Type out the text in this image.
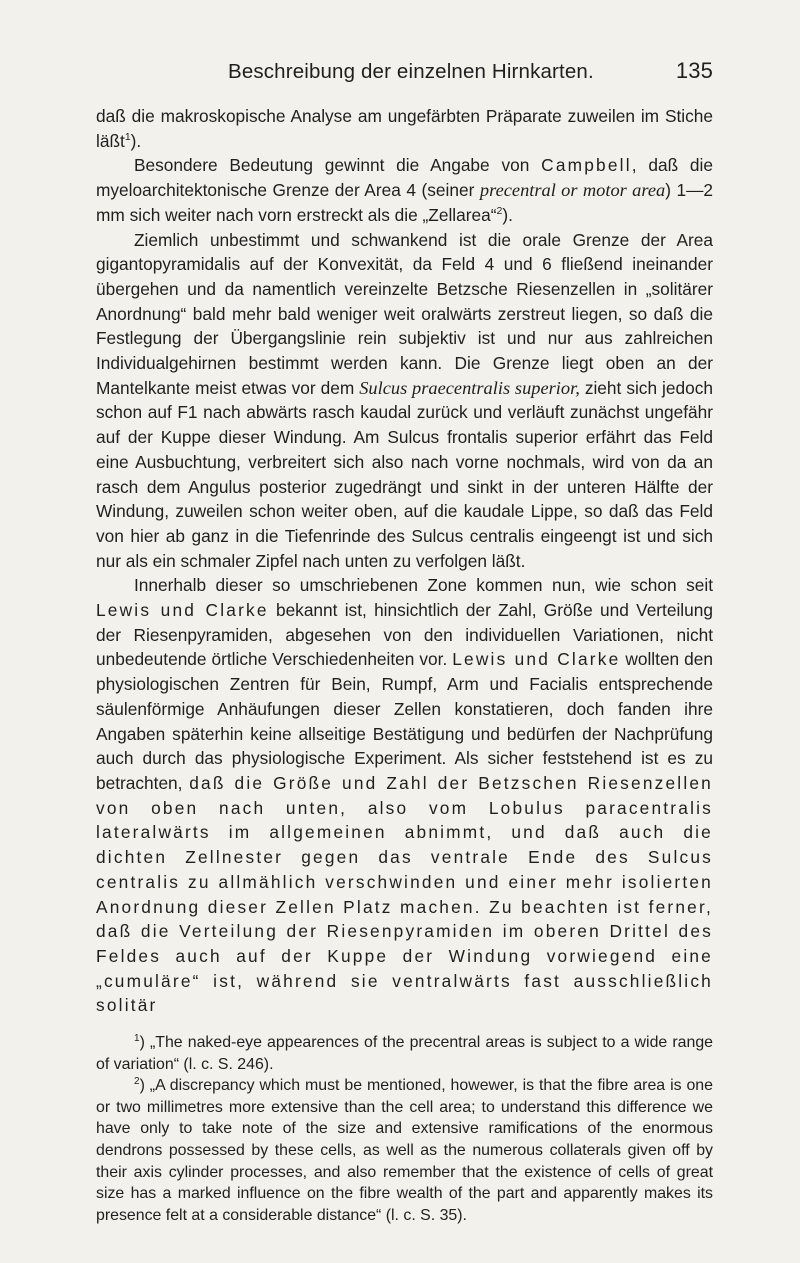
Beschreibung der einzelnen Hirnkarten.	135

daß die makroskopische Analyse am ungefärbten Präparate zuweilen im Stiche läßt$^1$).

Besondere Bedeutung gewinnt die Angabe von Campbell, daß die myeloarchitektonische Grenze der Area 4 (seiner precentral or motor area) 1—2 mm sich weiter nach vorn erstreckt als die „Zellarea“$^2$).

Ziemlich unbestimmt und schwankend ist die orale Grenze der Area gigantopyramidalis auf der Konvexität, da Feld 4 und 6 fließend ineinander übergehen und da namentlich vereinzelte Betzsche Riesenzellen in „solitärer Anordnung“ bald mehr bald weniger weit oralwärts zerstreut liegen, so daß die Festlegung der Übergangslinie rein subjektiv ist und nur aus zahlreichen Individualgehirnen bestimmt werden kann. Die Grenze liegt oben an der Mantelkante meist etwas vor dem Sulcus praecentralis superior, zieht sich jedoch schon auf F1 nach abwärts rasch kaudal zurück und verläuft zunächst ungefähr auf der Kuppe dieser Windung. Am Sulcus frontalis superior erfährt das Feld eine Ausbuchtung, verbreitert sich also nach vorne nochmals, wird von da an rasch dem Angulus posterior zugedrängt und sinkt in der unteren Hälfte der Windung, zuweilen schon weiter oben, auf die kaudale Lippe, so daß das Feld von hier ab ganz in die Tiefenrinde des Sulcus centralis eingeengt ist und sich nur als ein schmaler Zipfel nach unten zu verfolgen läßt.

Innerhalb dieser so umschriebenen Zone kommen nun, wie schon seit Lewis und Clarke bekannt ist, hinsichtlich der Zahl, Größe und Verteilung der Riesenpyramiden, abgesehen von den individuellen Variationen, nicht unbedeutende örtliche Verschiedenheiten vor. Lewis und Clarke wollten den physiologischen Zentren für Bein, Rumpf, Arm und Facialis entsprechende säulenförmige Anhäufungen dieser Zellen konstatieren, doch fanden ihre Angaben späterhin keine allseitige Bestätigung und bedürfen der Nachprüfung auch durch das physiologische Experiment. Als sicher feststehend ist es zu betrachten, daß die Größe und Zahl der Betzschen Riesenzellen von oben nach unten, also vom Lobulus paracentralis lateralwärts im allgemeinen abnimmt, und daß auch die dichten Zellnester gegen das ventrale Ende des Sulcus centralis zu allmählich verschwinden und einer mehr isolierten Anordnung dieser Zellen Platz machen. Zu beachten ist ferner, daß die Verteilung der Riesenpyramiden im oberen Drittel des Feldes auch auf der Kuppe der Windung vorwiegend eine „cumuläre“ ist, während sie ventralwärts fast ausschließlich solitär

$^1$) „The naked-eye appearences of the precentral areas is subject to a wide range of variation“ (l. c. S. 246).

$^2$) „A discrepancy which must be mentioned, howewer, is that the fibre area is one or two millimetres more extensive than the cell area; to understand this difference we have only to take note of the size and extensive ramifications of the enormous dendrons possessed by these cells, as well as the numerous collaterals given off by their axis cylinder processes, and also remember that the existence of cells of great size has a marked influence on the fibre wealth of the part and apparently makes its presence felt at a considerable distance“ (l. c. S. 35).
